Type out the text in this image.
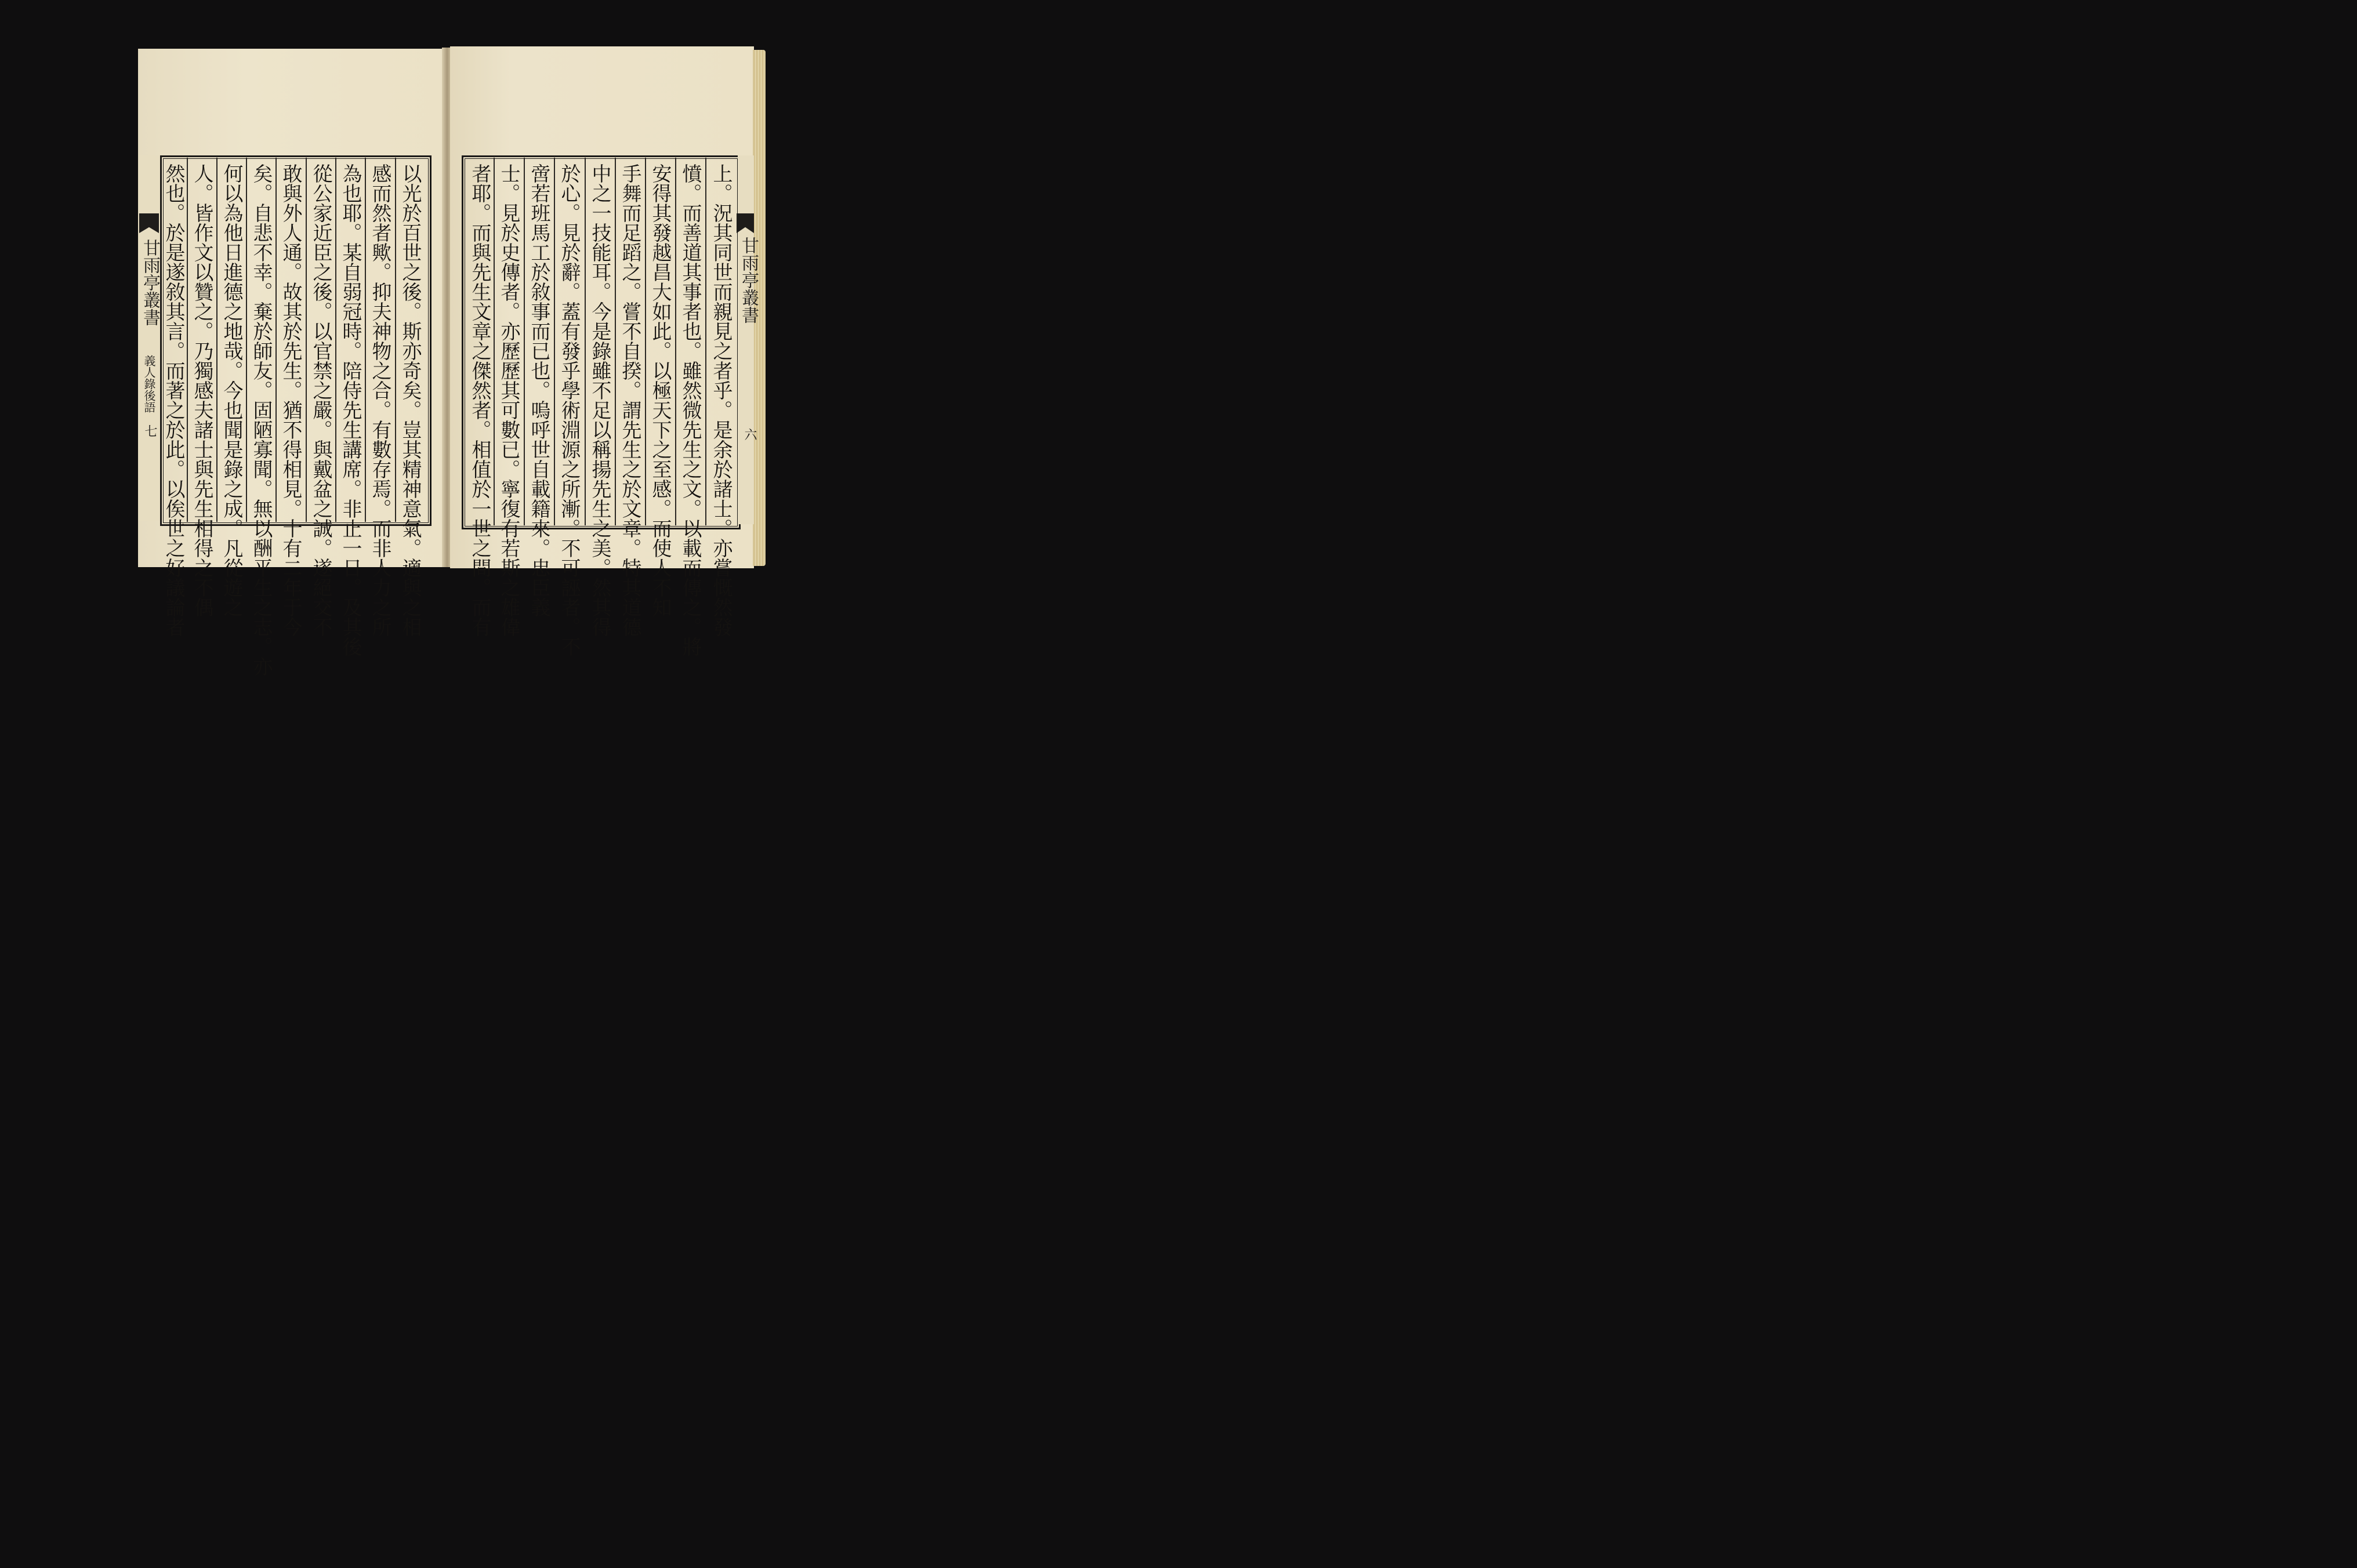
甘雨亭叢書
義人錄後語
七	以光於百世之後。斯亦奇矣。豈其精神意氣。適與之相
感而然者歟。抑夫神物之合。有數存焉。而非人力之所
為也耶。某自弱冠時。陪侍先生講席。非止一日。及其後
從公家近臣之後。以官禁之嚴。與戴盆之誠。遂絕交不
敢與外人通。故其於先生。猶不得相見。十有二年于今
矣。自悲不幸。棄於師友。固陋寡聞。無以酬平生之志。亦
何以為他日進德之地哉。今也聞是錄之成。凡從遊之
人。皆作文以贊之。乃獨感夫諸士與先生相得之不偶
然也。於是遂敘其言。而著之於此。以俟世之好議論者	甘雨亭叢書
六
上。況其同世而親見之者乎。是余於諸士。亦嘗慨然發
憤。而善道其事者也。雖然微先生之文。以載而傳之。將
安得其發越昌大如此。以極天下之至感。而使人不知
手舞而足蹈之。嘗不自揆。謂先生之於文章。特其道德
中之一技能耳。今是錄雖不足以稱揚先生之美。然其得
於心。見於辭。蓋有發乎學術淵源之所漸。不可誣者。不
啻若班馬工於敘事而已也。嗚呼世自載籍來。忠臣義
士。見於史傳者。亦歷歷其可數已。寧復有若斯之雄偉
者耶。而與先生文章之傑然者。相值於一世之間。而有
